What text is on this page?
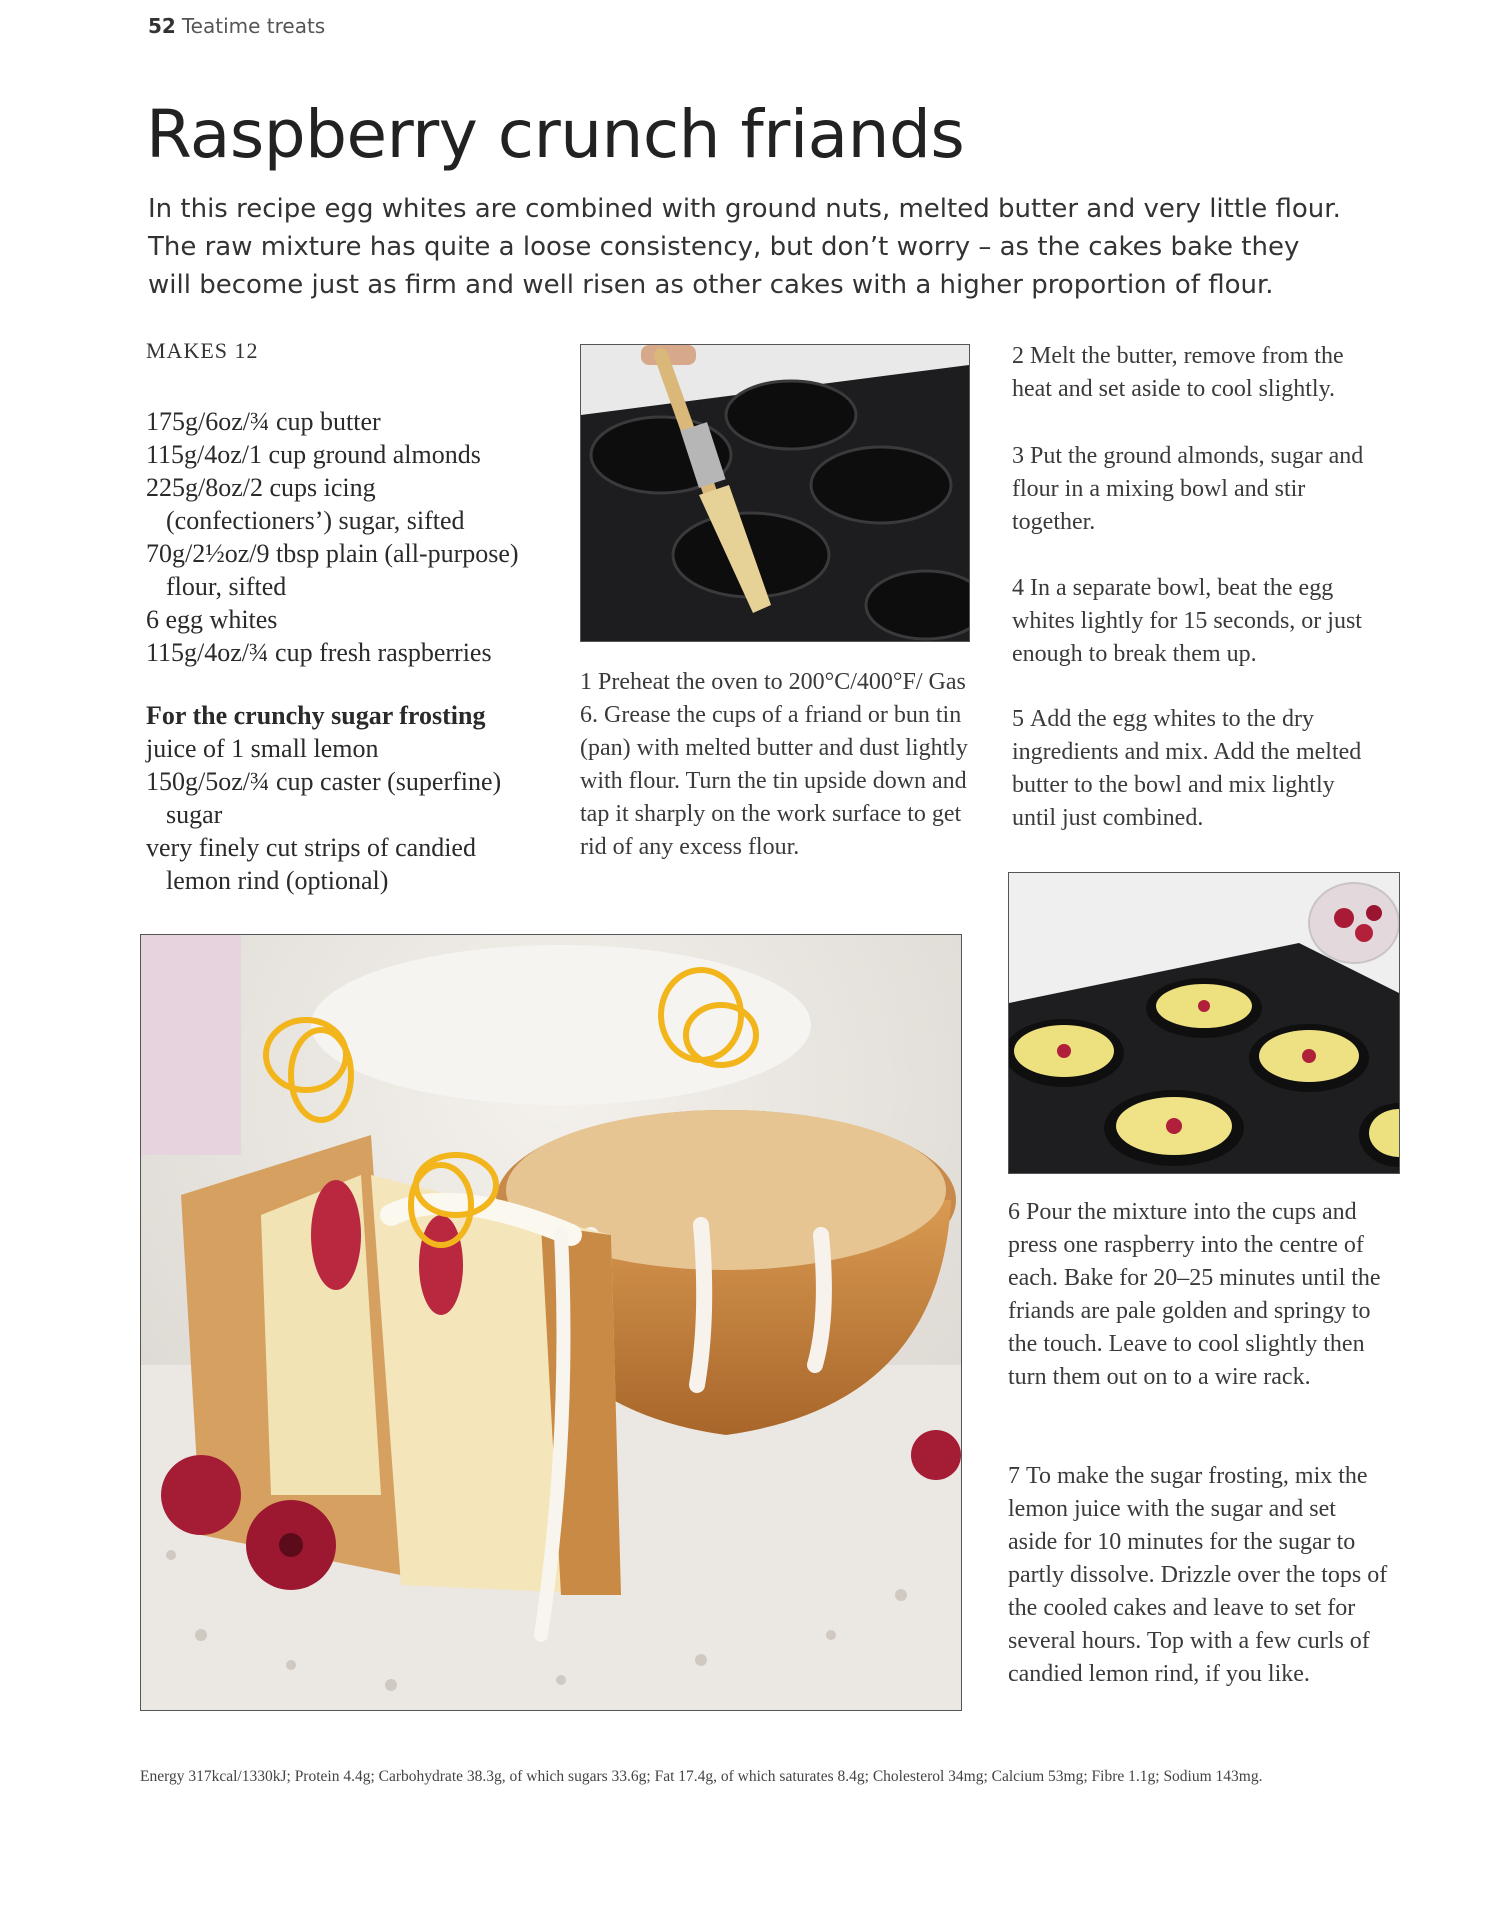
52 Teatime treats
Raspberry crunch friands

In this recipe egg whites are combined with ground nuts, melted butter and very little flour. The raw mixture has quite a loose consistency, but don’t worry – as the cakes bake they will become just as firm and well risen as other cakes with a higher proportion of flour.

MAKES 12

175g/6oz/¾ cup butter

115g/4oz/1 cup ground almonds

225g/8oz/2 cups icing (confectioners’) sugar, sifted

70g/2½oz/9 tbsp plain (all-purpose) flour, sifted

6 egg whites

115g/4oz/¾ cup fresh raspberries

For the crunchy sugar frosting

juice of 1 small lemon

150g/5oz/¾ cup caster (superfine) sugar

very finely cut strips of candied lemon rind (optional)

1 Preheat the oven to 200°C/400°F/ Gas 6. Grease the cups of a friand or bun tin (pan) with melted butter and dust lightly with flour. Turn the tin upside down and tap it sharply on the work surface to get rid of any excess flour.

2 Melt the butter, remove from the heat and set aside to cool slightly.

3 Put the ground almonds, sugar and flour in a mixing bowl and stir together.

4 In a separate bowl, beat the egg whites lightly for 15 seconds, or just enough to break them up.

5 Add the egg whites to the dry ingredients and mix. Add the melted butter to the bowl and mix lightly until just combined.

6 Pour the mixture into the cups and press one raspberry into the centre of each. Bake for 20–25 minutes until the friands are pale golden and springy to the touch. Leave to cool slightly then turn them out on to a wire rack.

7 To make the sugar frosting, mix the lemon juice with the sugar and set aside for 10 minutes for the sugar to partly dissolve. Drizzle over the tops of the cooled cakes and leave to set for several hours. Top with a few curls of candied lemon rind, if you like.

Energy 317kcal/1330kJ; Protein 4.4g; Carbohydrate 38.3g, of which sugars 33.6g; Fat 17.4g, of which saturates 8.4g; Cholesterol 34mg; Calcium 53mg; Fibre 1.1g; Sodium 143mg.
